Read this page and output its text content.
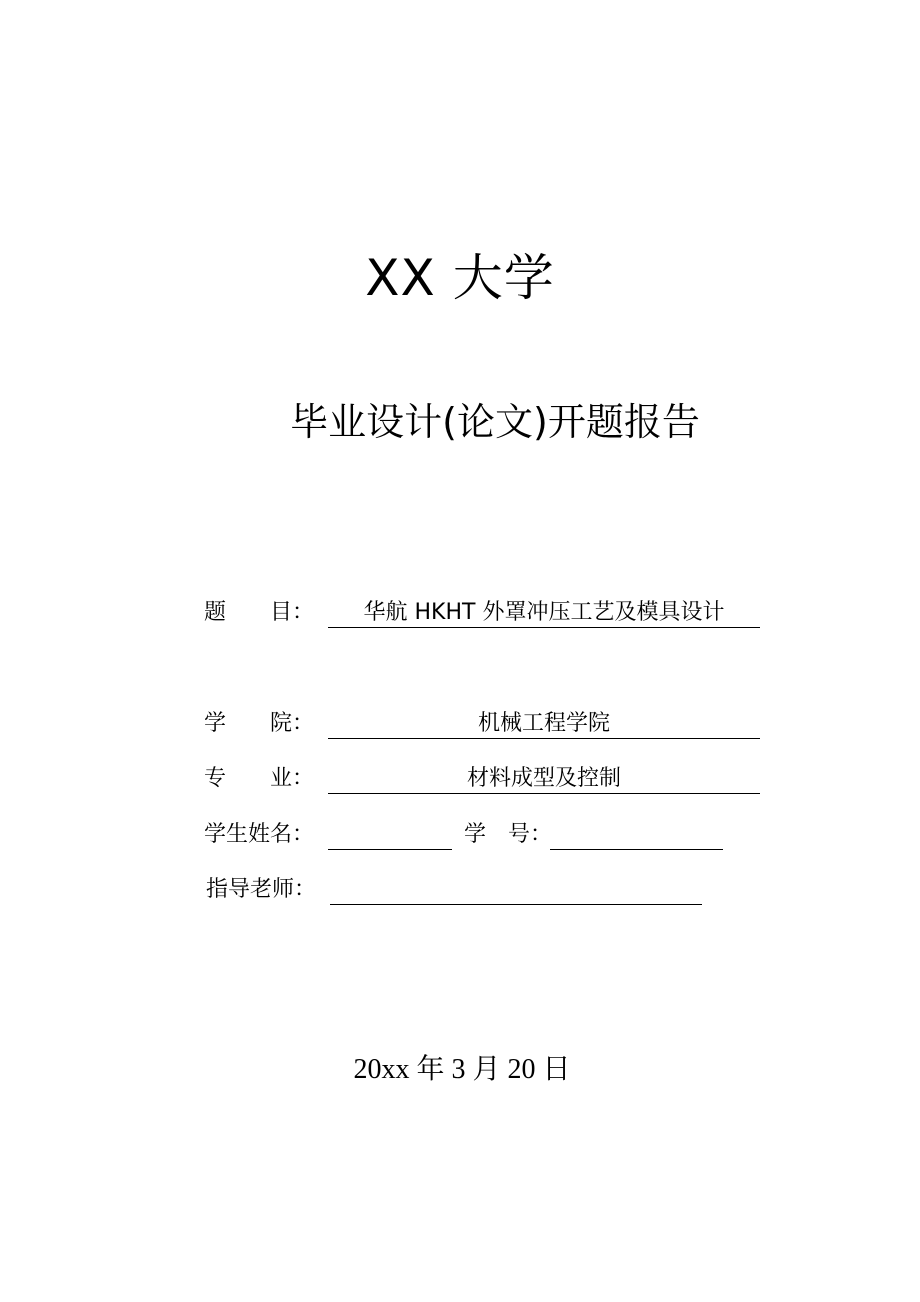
XX 大学
毕业设计(论文)开题报告
题　　目：	华航 HKHT 外罩冲压工艺及模具设计
学　　院：	机械工程学院
专　　业：	材料成型及控制
学生姓名：	学　号：
指导老师：
20xx 年 3 月 20 日
